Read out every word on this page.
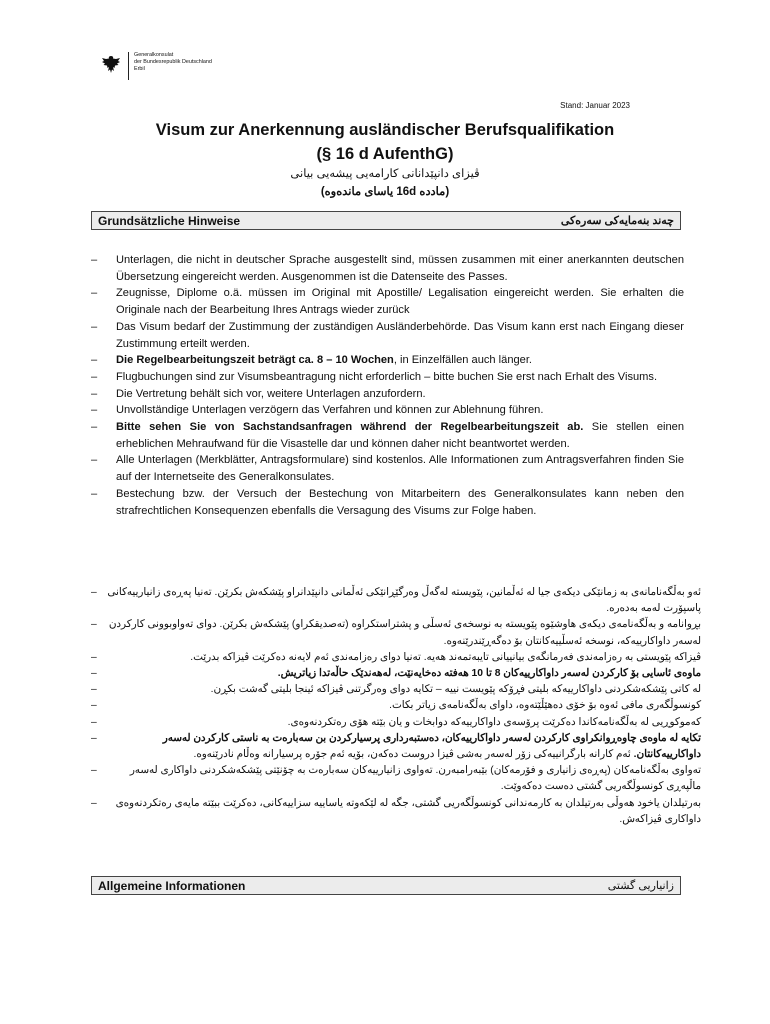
Generalkonsulat
der Bundesrepublik Deutschland
Erbil
Stand: Januar 2023
Visum zur Anerkennung ausländischer Berufsqualifikation
(§ 16 d AufenthG)
ڤیزای دانپێدانانی كارامەیی پیشەیی بیانی
(ماددە 16d یاسای ماندەوە)
Grundsätzliche Hinweise	چەند بنەمایەکی سەرەکی
– Unterlagen, die nicht in deutscher Sprache ausgestellt sind, müssen zusammen mit einer anerkannten deutschen Übersetzung eingereicht werden. Ausgenommen ist die Datenseite des Passes.
– Zeugnisse, Diplome o.ä. müssen im Original mit Apostille/ Legalisation eingereicht werden. Sie erhalten die Originale nach der Bearbeitung Ihres Antrags wieder zurück
– Das Visum bedarf der Zustimmung der zuständigen Ausländerbehörde. Das Visum kann erst nach Eingang dieser Zustimmung erteilt werden.
– Die Regelbearbeitungszeit beträgt ca. 8 – 10 Wochen, in Einzelfällen auch länger.
– Flugbuchungen sind zur Visumsbeantragung nicht erforderlich – bitte buchen Sie erst nach Erhalt des Visums.
– Die Vertretung behält sich vor, weitere Unterlagen anzufordern.
– Unvollständige Unterlagen verzögern das Verfahren und können zur Ablehnung führen.
– Bitte sehen Sie von Sachstandsanfragen während der Regelbearbeitungszeit ab. Sie stellen einen erheblichen Mehraufwand für die Visastelle dar und können daher nicht beantwortet werden.
– Alle Unterlagen (Merkblätter, Antragsformulare) sind kostenlos. Alle Informationen zum Antragsverfahren finden Sie auf der Internetseite des Generalkonsulates.
– Bestechung bzw. der Versuch der Bestechung von Mitarbeitern des Generalkonsulates kann neben den strafrechtlichen Konsequenzen ebenfalls die Versagung des Visums zur Folge haben.
– ئەو بەڵگەنامانەی بە زمانێکی دیکەی جیا لە ئەڵمانین، پێویستە لەگەڵ وەرگێڕانێکی ئەڵمانی دانپێدانراو پێشکەش بکرێن. تەنیا پەڕەی زانیارییەکانی پاسپۆرت لەمە بەدەرە.
– بڕوانامە و بەڵگەنامەی دیکەی هاوشێوە پێویستە بە نوسخەی ئەسڵی و پشتراستکراوە (تەصدیقکراو) پێشکەش بکرێن. دوای تەواوبوونی کارکردن لەسەر داواکارییەکە، نوسخە ئەسڵییەکانتان بۆ دەگەڕێندرێنەوە.
–	ڤیزاکە پێویستی بە رەزامەندی فەرمانگەی بیانییانی تایبەتمەند هەیە. تەنیا دوای رەزامەندی ئەم لایەنە دەکرێت ڤیزاکە بدرێت.
–	ماوەی ئاسایی بۆ کارکردن لەسەر داواکارییەکان 8 تا 10 هەفتە دەخایەنێت، لەهەندێک حاڵەتدا زیاتریش.
–	لە کاتی پێشکەشکردنی داواکارییەکە بلیتی فڕۆکە پێویست نییە – تکایە دوای وەرگرتنی ڤیزاکە ئینجا بلیتی گەشت بکڕن.
–	کونسوڵگەری مافی ئەوە بۆ خۆی دەهێڵێتەوە، داوای بەڵگەنامەی زیاتر بکات.
–	کەموکوڕیی لە بەڵگەنامەکاندا دەکرێت پرۆسەی داواکارییەکە دوابخات و یان بێتە هۆی رەتکردنەوەی.
–	تکایە لە ماوەی چاوەڕوانکراوی کارکردن لەسەر داواکارییەکان، دەستبەرداری پرسیارکردن بن سەبارەت بە ناستی کارکردن لەسەر داواکارییەکانتان. ئەم کارانە بارگرانییەکی زۆر لەسەر بەشی ڤیزا دروست دەکەن، بۆیە ئەم جۆرە پرسیارانە وەڵام نادرێنەوە.
–	تەواوی بەڵگەنامەکان (پەڕەی زانیاری و فۆرمەکان) بێبەرامبەرن. تەواوی زانیارییەکان سەبارەت بە چۆنێتی پێشکەشکردنی داواکاری لەسەر ماڵپەڕی کونسوڵگەریی گشتی دەست دەکەوێت.
–	بەرتیلدان یاخود هەوڵی بەرتیلدان بە کارمەندانی کونسوڵگەریی گشتی، جگە لە لێکەوتە یاساییە سزاییەکانی، دەکرێت ببێتە مایەی رەتکردنەوەی داواکاری ڤیزاکەش.
Allgemeine Informationen	زانیاریی گشتی
